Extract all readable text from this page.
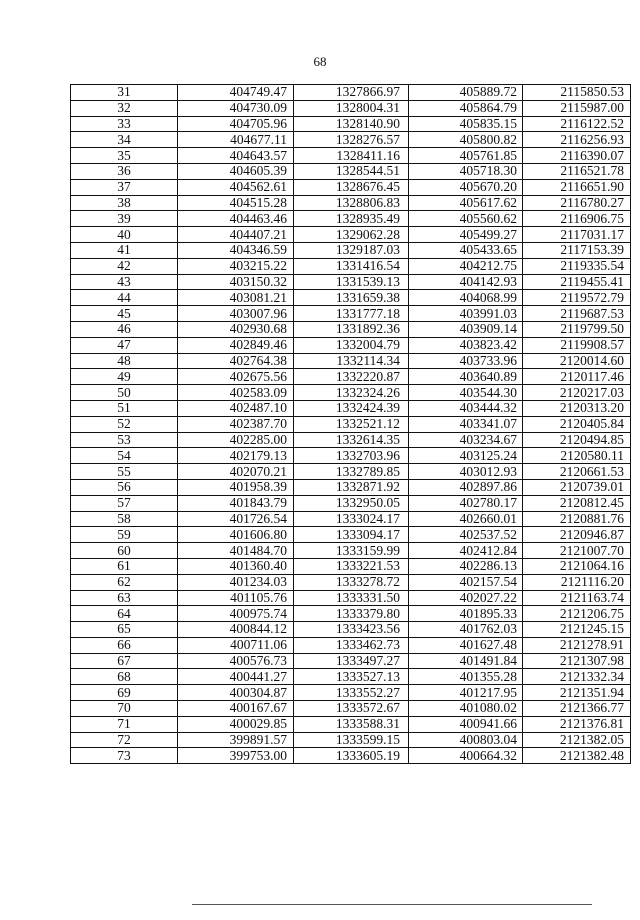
68
31	404749.47	1327866.97	405889.72	2115850.53
32	404730.09	1328004.31	405864.79	2115987.00
33	404705.96	1328140.90	405835.15	2116122.52
34	404677.11	1328276.57	405800.82	2116256.93
35	404643.57	1328411.16	405761.85	2116390.07
36	404605.39	1328544.51	405718.30	2116521.78
37	404562.61	1328676.45	405670.20	2116651.90
38	404515.28	1328806.83	405617.62	2116780.27
39	404463.46	1328935.49	405560.62	2116906.75
40	404407.21	1329062.28	405499.27	2117031.17
41	404346.59	1329187.03	405433.65	2117153.39
42	403215.22	1331416.54	404212.75	2119335.54
43	403150.32	1331539.13	404142.93	2119455.41
44	403081.21	1331659.38	404068.99	2119572.79
45	403007.96	1331777.18	403991.03	2119687.53
46	402930.68	1331892.36	403909.14	2119799.50
47	402849.46	1332004.79	403823.42	2119908.57
48	402764.38	1332114.34	403733.96	2120014.60
49	402675.56	1332220.87	403640.89	2120117.46
50	402583.09	1332324.26	403544.30	2120217.03
51	402487.10	1332424.39	403444.32	2120313.20
52	402387.70	1332521.12	403341.07	2120405.84
53	402285.00	1332614.35	403234.67	2120494.85
54	402179.13	1332703.96	403125.24	2120580.11
55	402070.21	1332789.85	403012.93	2120661.53
56	401958.39	1332871.92	402897.86	2120739.01
57	401843.79	1332950.05	402780.17	2120812.45
58	401726.54	1333024.17	402660.01	2120881.76
59	401606.80	1333094.17	402537.52	2120946.87
60	401484.70	1333159.99	402412.84	2121007.70
61	401360.40	1333221.53	402286.13	2121064.16
62	401234.03	1333278.72	402157.54	2121116.20
63	401105.76	1333331.50	402027.22	2121163.74
64	400975.74	1333379.80	401895.33	2121206.75
65	400844.12	1333423.56	401762.03	2121245.15
66	400711.06	1333462.73	401627.48	2121278.91
67	400576.73	1333497.27	401491.84	2121307.98
68	400441.27	1333527.13	401355.28	2121332.34
69	400304.87	1333552.27	401217.95	2121351.94
70	400167.67	1333572.67	401080.02	2121366.77
71	400029.85	1333588.31	400941.66	2121376.81
72	399891.57	1333599.15	400803.04	2121382.05
73	399753.00	1333605.19	400664.32	2121382.48
